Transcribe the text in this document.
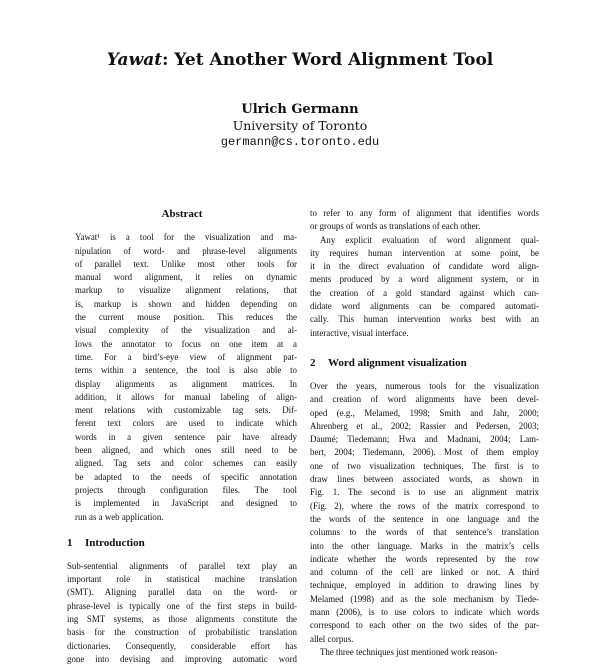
Yawat: Yet Another Word Alignment Tool
Ulrich Germann
University of Toronto
germann@cs.toronto.edu
Abstract
Yawat¹ is a tool for the visualization and ma-
nipulation of word- and phrase-level alignments
of parallel text. Unlike most other tools for
manual word alignment, it relies on dynamic
markup to visualize alignment relations, that
is, markup is shown and hidden depending on
the current mouse position. This reduces the
visual complexity of the visualization and al-
lows the annotator to focus on one item at a
time. For a bird’s-eye view of alignment pat-
terns within a sentence, the tool is also able to
display alignments as alignment matrices. In
addition, it allows for manual labeling of align-
ment relations with customizable tag sets. Dif-
ferent text colors are used to indicate which
words in a given sentence pair have already
been aligned, and which ones still need to be
aligned. Tag sets and color schemes can easily
be adapted to the needs of specific annotation
projects through configuration files. The tool
is implemented in JavaScript and designed to
run as a web application.
1 Introduction
Sub-sentential alignments of parallel text play an
important role in statistical machine translation
(SMT). Aligning parallel data on the word- or
phrase-level is typically one of the first steps in build-
ing SMT systems, as those alignments constitute the
basis for the construction of probabilistic translation
dictionaries. Consequently, considerable effort has
gone into devising and improving automatic word
to refer to any form of alignment that identifies words
or groups of words as translations of each other.
Any explicit evaluation of word alignment qual-
ity requires human intervention at some point, be
it in the direct evaluation of candidate word align-
ments produced by a word alignment system, or in
the creation of a gold standard against which can-
didate word alignments can be compared automati-
cally. This human intervention works best with an
interactive, visual interface.
2 Word alignment visualization
Over the years, numerous tools for the visualization
and creation of word alignments have been devel-
oped (e.g., Melamed, 1998; Smith and Jahr, 2000;
Ahrenberg et al., 2002; Rassier and Pedersen, 2003;
Daumé; Tiedemann; Hwa and Madnani, 2004; Lam-
bert, 2004; Tiedemann, 2006). Most of them employ
one of two visualization techniques. The first is to
draw lines between associated words, as shown in
Fig. 1. The second is to use an alignment matrix
(Fig. 2), where the rows of the matrix correspond to
the words of the sentence in one language and the
columns to the words of that sentence’s translation
into the other language. Marks in the matrix’s cells
indicate whether the words represented by the row
and column of the cell are linked or not. A third
technique, employed in addition to drawing lines by
Melamed (1998) and as the sole mechanism by Tiede-
mann (2006), is to use colors to indicate which words
correspond to each other on the two sides of the par-
allel corpus.
The three techniques just mentioned work reason-
